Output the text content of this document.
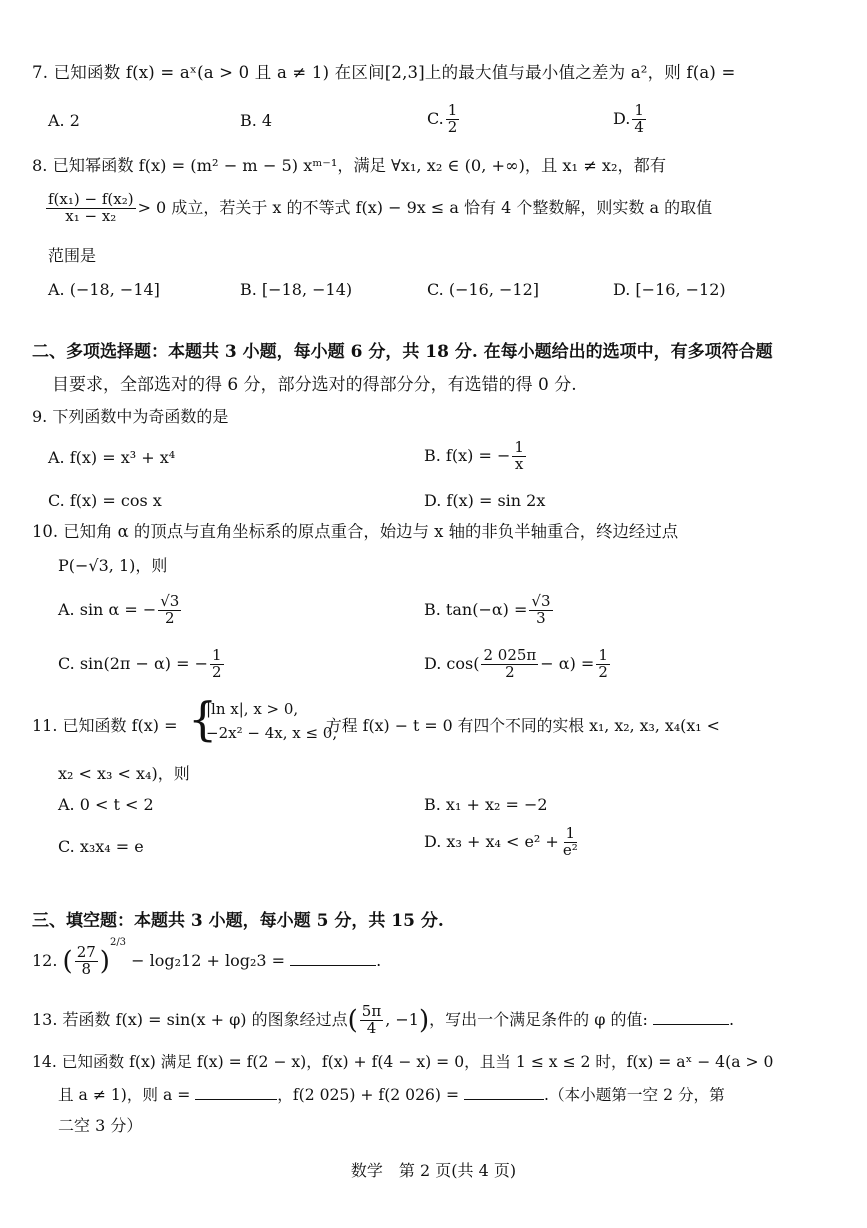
7. 已知函数 f(x) = aˣ(a > 0 且 a ≠ 1) 在区间[2,3]上的最大值与最小值之差为 a²，则 f(a) =
A. 2	B. 4	C. $\frac{1}{2}$	D. $\frac{1}{4}$
8. 已知幂函数 f(x) = (m² − m − 5) xᵐ⁻¹，满足 ∀x₁, x₂ ∈ (0, +∞)，且 x₁ ≠ x₂，都有
$\frac{\text{f(x₁) − f(x₂)}}{\text{x₁ − x₂}} > 0$ 成立，若关于 x 的不等式 f(x) − 9x ≤ a 恰有 4 个整数解，则实数 a 的取值
范围是
A. (−18, −14]	B. [−18, −14)	C. (−16, −12]	D. [−16, −12)
二、多项选择题：本题共 3 小题，每小题 6 分，共 18 分. 在每小题给出的选项中，有多项符合题
目要求，全部选对的得 6 分，部分选对的得部分分，有选错的得 0 分.
9. 下列函数中为奇函数的是
A. f(x) = x³ + x⁴	B. f(x) = − $\frac{1}{x}$
C. f(x) = cos x	D. f(x) = sin 2x
10. 已知角 α 的顶点与直角坐标系的原点重合，始边与 x 轴的非负半轴重合，终边经过点
P(−√3, 1)，则
A. sin α = − $\frac{√3}{2}$	B. $\tan(-\alpha) = \frac{√3}{3}$
C. sin(2π − α) = − $\frac{1}{2}$	D. $\cos( \frac{2 025\pi}{2} - \alpha) = \frac{1}{2}$
11. 已知函数 f(x) = {
|ln x|, x > 0,
−2x² − 4x, x ≤ 0,
方程 f(x) − t = 0 有四个不同的实根 x₁, x₂, x₃, x₄(x₁ <
x₂ < x₃ < x₄)，则
A. 0 < t < 2	B. x₁ + x₂ = −2
C. x₃x₄ = e	D. $x_3 + x_4 < e^2 + \frac{1}{\text{e²}}$
三、填空题：本题共 3 小题，每小题 5 分，共 15 分.
12. ( $\frac{27}{8} )^{2/3} - \log_212 + \log_23$ =	.
13. 若函数 f(x) = sin(x + φ) 的图象经过点( $\frac{5\pi}{4}$ , −1)，写出一个满足条件的 φ 的值:	.
14. 已知函数 f(x) 满足 f(x) = f(2 − x)，f(x) + f(4 − x) = 0，且当 1 ≤ x ≤ 2 时，f(x) = aˣ − 4(a > 0
且 a ≠ 1)，则 a =	，f(2 025) + f(2 026) =	.（本小题第一空 2 分，第
二空 3 分）
数学　第 2 页(共 4 页)
